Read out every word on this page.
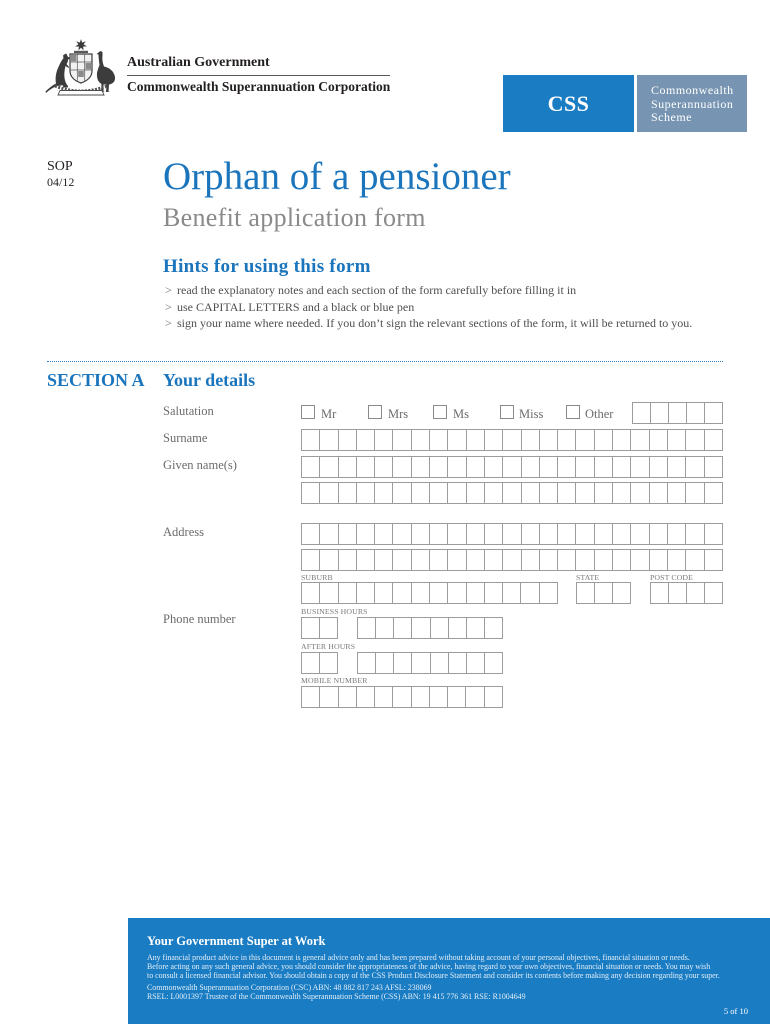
Australian Government
Commonwealth Superannuation Corporation
CSS
Commonwealth
Superannuation
Scheme
SOP
04/12 Orphan of a pensioner
Benefit application form
Hints for using this form
> read the explanatory notes and each section of the form carefully before filling it in
> use CAPITAL LETTERS and a black or blue pen
> sign your name where needed. If you don’t sign the relevant sections of the form, it will be returned to you.
SECTION A Your details
Salutation	Mr	Mrs	Ms	Miss	Other
Surname
Given name(s)
Address
SUBURB	STATE	POST CODE
BUSINESS HOURS
Phone number
AFTER HOURS
MOBILE NUMBER
Your Government Super at Work
Any financial product advice in this document is general advice only and has been prepared without taking account of your personal objectives, financial situation or needs.
Before acting on any such general advice, you should consider the appropriateness of the advice, having regard to your own objectives, financial situation or needs. You may wish
to consult a licensed financial advisor. You should obtain a copy of the CSS Product Disclosure Statement and consider its contents before making any decision regarding your super.
Commonwealth Superannuation Corporation (CSC) ABN: 48 882 817 243 AFSL: 238069
RSEL: L0001397 Trustee of the Commonwealth Superannuation Scheme (CSS) ABN: 19 415 776 361 RSE: R1004649
5 of 10
